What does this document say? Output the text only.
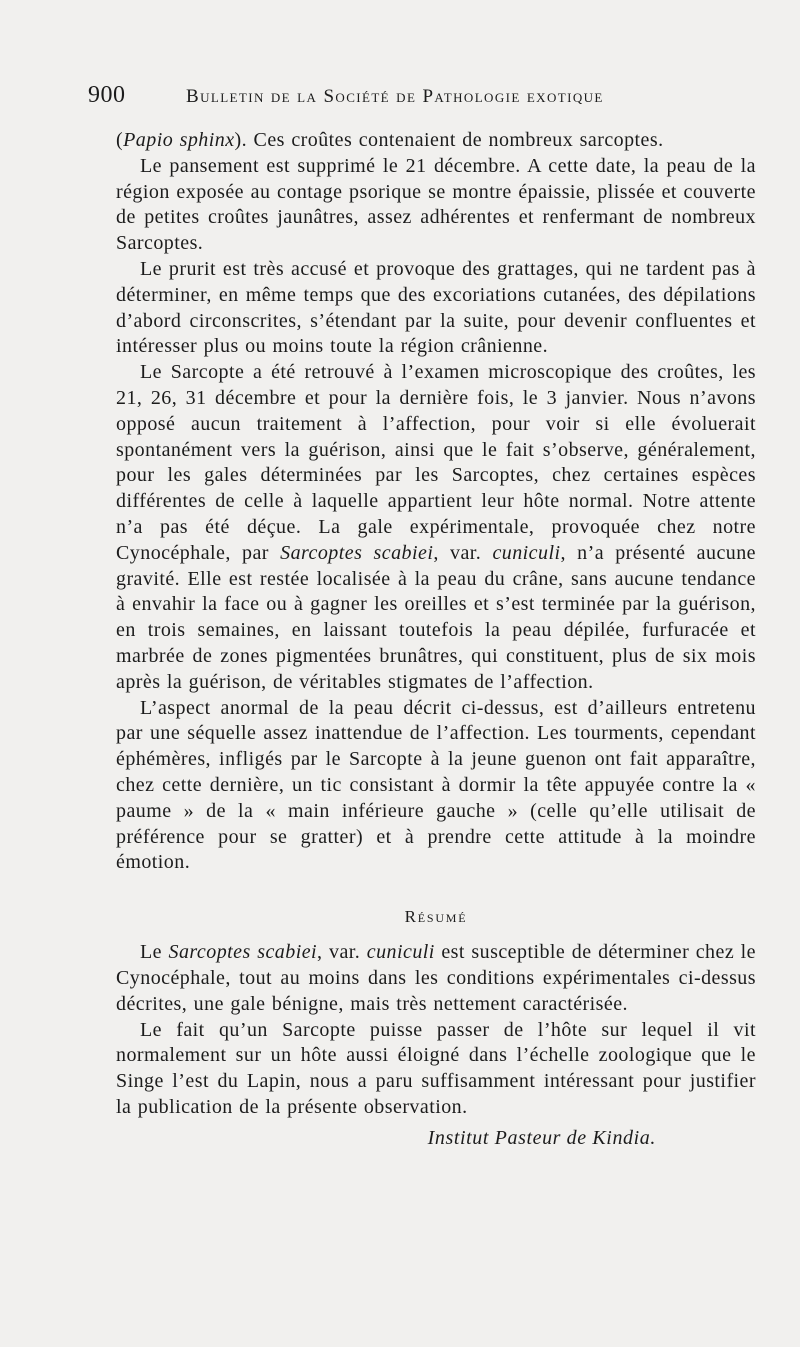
900	Bulletin de la Société de Pathologie exotique

(Papio sphinx). Ces croûtes contenaient de nombreux sarcoptes.

Le pansement est supprimé le 21 décembre. A cette date, la peau de la région exposée au contage psorique se montre épaissie, plissée et couverte de petites croûtes jaunâtres, assez adhérentes et renfermant de nombreux Sarcoptes.

Le prurit est très accusé et provoque des grattages, qui ne tardent pas à déterminer, en même temps que des excoriations cutanées, des dépilations d’abord circonscrites, s’étendant par la suite, pour devenir confluentes et intéresser plus ou moins toute la région crânienne.

Le Sarcopte a été retrouvé à l’examen microscopique des croûtes, les 21, 26, 31 décembre et pour la dernière fois, le 3 janvier. Nous n’avons opposé aucun traitement à l’affection, pour voir si elle évoluerait spontanément vers la guérison, ainsi que le fait s’observe, généralement, pour les gales déterminées par les Sarcoptes, chez certaines espèces différentes de celle à laquelle appartient leur hôte normal. Notre attente n’a pas été déçue. La gale expérimentale, provoquée chez notre Cynocéphale, par Sarcoptes scabiei, var. cuniculi, n’a présenté aucune gravité. Elle est restée localisée à la peau du crâne, sans aucune tendance à envahir la face ou à gagner les oreilles et s’est terminée par la guérison, en trois semaines, en laissant toutefois la peau dépilée, furfuracée et marbrée de zones pigmentées brunâtres, qui constituent, plus de six mois après la guérison, de véritables stigmates de l’affection.

L’aspect anormal de la peau décrit ci-dessus, est d’ailleurs entretenu par une séquelle assez inattendue de l’affection. Les tourments, cependant éphémères, infligés par le Sarcopte à la jeune guenon ont fait apparaître, chez cette dernière, un tic consistant à dormir la tête appuyée contre la « paume » de la « main inférieure gauche » (celle qu’elle utilisait de préférence pour se gratter) et à prendre cette attitude à la moindre émotion.

Résumé

Le Sarcoptes scabiei, var. cuniculi est susceptible de déterminer chez le Cynocéphale, tout au moins dans les conditions expérimentales ci-dessus décrites, une gale bénigne, mais très nettement caractérisée.

Le fait qu’un Sarcopte puisse passer de l’hôte sur lequel il vit normalement sur un hôte aussi éloigné dans l’échelle zoologique que le Singe l’est du Lapin, nous a paru suffisamment intéressant pour justifier la publication de la présente observation.

Institut Pasteur de Kindia.
